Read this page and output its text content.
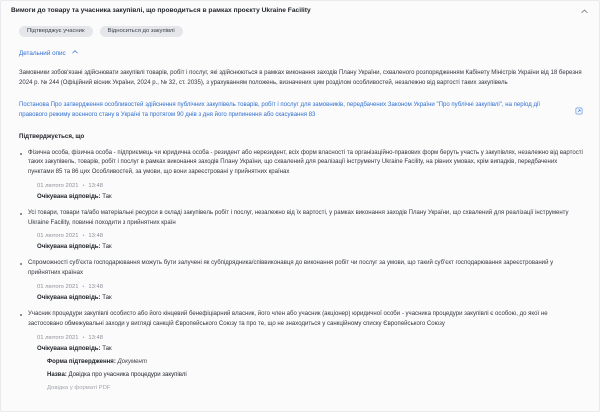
Вимоги до товару та учасника закупівлі, що проводиться в рамках проєкту Ukraine Facility
Підтверджує учасник	Відноситься до закупівлі
Детальний опис
Замовники зобов'язані здійснювати закупівлі товарів, робіт і послуг, які здійснюються в рамках виконання заходів Плану України, схваленого розпорядженням Кабінету Міністрів України від 18 березня 2024 р. № 244 (Офіційний вісник України, 2024 р., № 32, ст. 2035), з урахуванням положень, визначених цим розділом особливостей, незалежно від вартості таких закупівель
Постанова Про затвердження особливостей здійснення публічних закупівель товарів, робіт і послуг для замовників, передбачених Законом України "Про публічні закупівлі", на період дії правового режиму воєнного стану в Україні та протягом 90 днів з дня його припинення або скасування 83
Підтверджується, що
Фізична особа, фізична особа - підприємець чи юридична особа - резидент або нерезидент, всіх форм власності та організаційно-правових форм беруть участь у закупівлях, незалежно від вартості таких закупівель, товарів, робіт і послуг в рамках виконання заходів Плану України, що схвалений для реалізації інструменту Ukraine Facility, на рівних умовах, крім випадків, передбачених пунктами 85 та 86 цих Особливостей, за умови, що вони зареєстровані у прийнятних країнах
01 лютого 2021 • 13:48
Очікувана відповідь: Так
Усі товари, товари та/або матеріальні ресурси в складі закупівель робіт і послуг, незалежно від їх вартості, у рамках виконання заходів Плану України, що схвалений для реалізації інструменту Ukraine Facility, повинні походити з прийнятних країн
01 лютого 2021 • 13:48
Очікувана відповідь: Так
Спроможності суб'єкта господарювання можуть бути залучені як субпідрядника/співвиконавця до виконання робіт чи послуг за умови, що такий суб'єкт господарювання зареєстрований у прийнятних країнах
01 лютого 2021 • 13:48
Очікувана відповідь: Так
Учасник процедури закупівлі особисто або його кінцевий бенефіціарний власник, його член або учасник (акціонер) юридичної особи - учасника процедури закупівлі є особою, до якої не застосовано обмежувальні заходи у вигляді санкцій Європейського Союзу та про те, що не знаходиться у санкційному списку Європейського Союзу
01 лютого 2021 • 13:48
Очікувана відповідь: Так
Форма підтвердження: Документ
Назва: Довідка про учасника процедури закупівлі
Довідка у форматі PDF
